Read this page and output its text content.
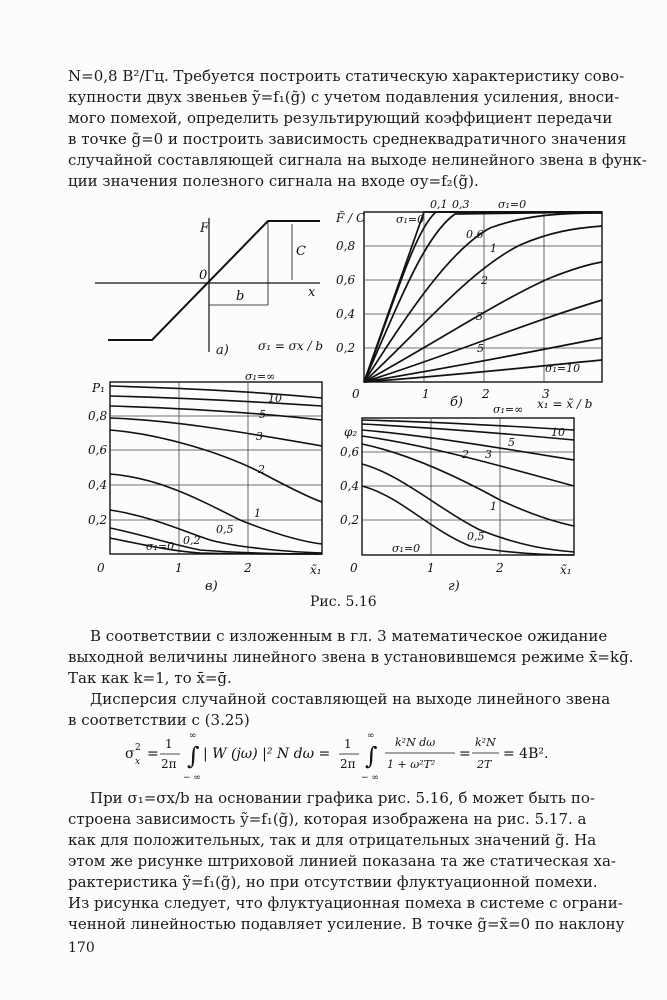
N=0,8 В²/Гц. Требуется построить статическую характеристику сово-
купности двух звеньев ỹ=f₁(g̃) с учетом подавления усиления, вноси-
мого помехой, определить результирующий коэффициент передачи
в точке g̃=0 и построить зависимость среднеквадратичного значения
случайной составляющей сигнала на выходе нелинейного звена в функ-
ции значения полезного сигнала на входе σy=f₂(g̃).
F
x
0
b
C
а) σ₁ = σx / b
F̃ / C
0,8
0,6
0,4
0,2
0	1	2	3
x₁ = x̃ / b
б)
σ₁=0
0,1 0,3
0,6
1
2
3
5
σ₁=10
σ₁=0
P₁
0,8
0,6
0,4
0,2
0	1	2	x̃₁
в)
σ₁=∞
10
5
3
2
1
0,5
0,2
σ₁=0
φ₂
0,6
0,4
0,2
0	1	2	x̃₁
г)
σ₁=∞
10
5
3
2
1
0,5
σ₁=0
Рис. 5.16
В соответствии с изложенным в гл. 3 математическое ожидание
выходной величины линейного звена в установившемся режиме x̄=kḡ.
Так как k=1, то x̄=ḡ.
Дисперсия случайной составляющей на выходе линейного звена
в соответствии с (3.25)
σ x
2 =
1
2π ∫
∞
− ∞
| W (jω) |² N dω =
1
2π ∫
∞
− ∞
k²N dω
1 + ω²T²
=
k²N
2T
= 4В².
При σ₁=σx/b на основании графика рис. 5.16, б может быть по-
строена зависимость ỹ=f₁(g̃), которая изображена на рис. 5.17. а
как для положительных, так и для отрицательных значений g̃. На
этом же рисунке штриховой линией показана та же статическая ха-
рактеристика ỹ=f₁(g̃), но при отсутствии флуктуационной помехи.
Из рисунка следует, что флуктуационная помеха в системе с ограни-
ченной линейностью подавляет усиление. В точке g̃=x̃=0 по наклону
170
